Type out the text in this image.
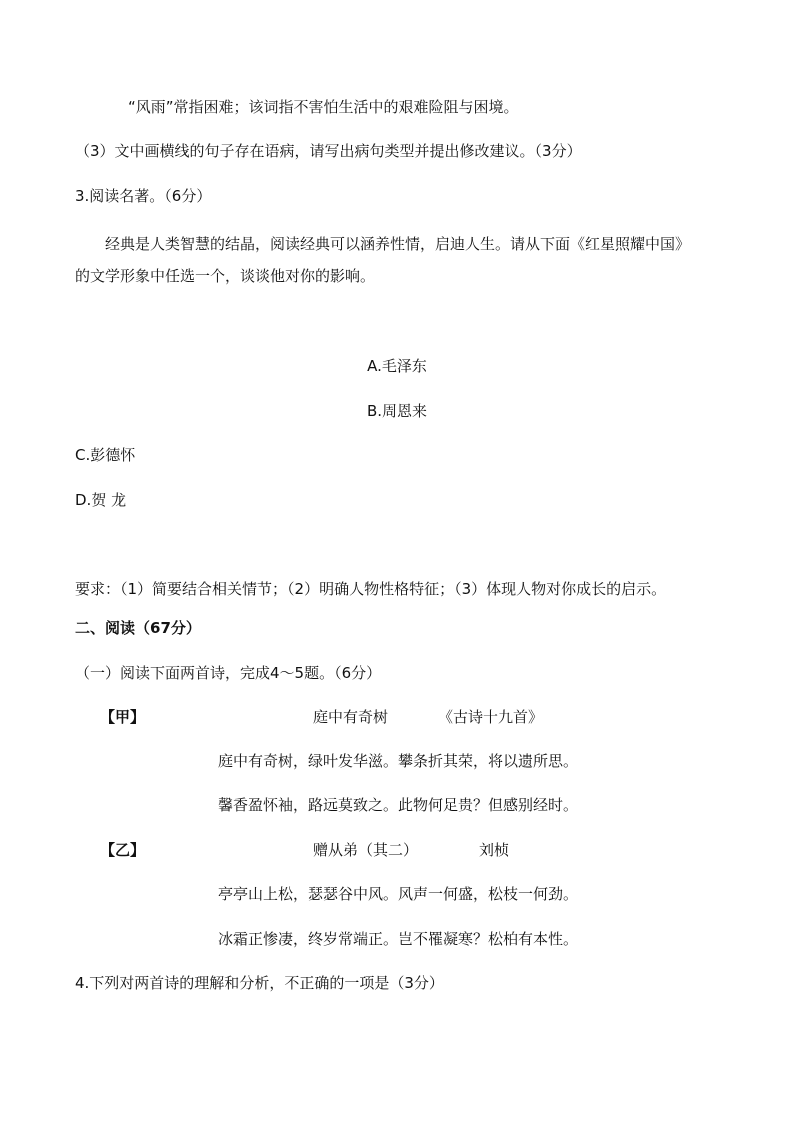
“风雨”常指困难；该词指不害怕生活中的艰难险阻与困境。
（3）文中画横线的句子存在语病，请写出病句类型并提出修改建议。（3分）
3.阅读名著。（6分）
经典是人类智慧的结晶，阅读经典可以涵养性情，启迪人生。请从下面《红星照耀中国》
的文学形象中任选一个，谈谈他对你的影响。
A.毛泽东
B.周恩来
C.彭德怀
D.贺 龙
要求：（1）简要结合相关情节；（2）明确人物性格特征；（3）体现人物对你成长的启示。
二、阅读（67分）
（一）阅读下面两首诗，完成4～5题。（6分）
【甲】	庭中有奇树	《古诗十九首》
庭中有奇树，绿叶发华滋。攀条折其荣，将以遗所思。
馨香盈怀袖，路远莫致之。此物何足贵？但感别经时。
【乙】	赠从弟（其二）	刘桢
亭亭山上松，瑟瑟谷中风。风声一何盛，松枝一何劲。
冰霜正惨凄，终岁常端正。岂不罹凝寒？松柏有本性。
4.下列对两首诗的理解和分析，不正确的一项是（3分）
